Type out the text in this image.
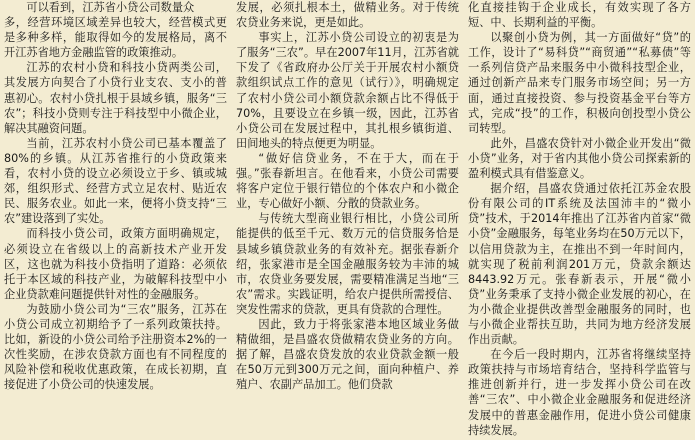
可以看到，江苏省小贷公司数量众

多，经营环境区域差异也较大，经营模式更是多种多样，能取得如今的发展格局，离不开江苏省地方金融监管的政策推动。

江苏的农村小贷和科技小贷两类公司，其发展方向契合了小贷行业支农、支小的普惠初心。农村小贷扎根于县域乡镇，服务“三农”；科技小贷则专注于科技型中小微企业，解决其融资问题。

当前，江苏农村小贷公司已基本覆盖了80%的乡镇。从江苏省推行的小贷政策来看，农村小贷的设立必须设立于乡、镇或城郊，组织形式、经营方式立足农村、贴近农民、服务农业。如此一来，便将小贷支持“三农”建设落到了实处。

而科技小贷公司，政策方面明确规定，必须设立在省级以上的高新技术产业开发区，这也就为科技小贷指明了道路：必须依托于本区域的科技产业，为破解科技型中小企业贷款难问题提供针对性的金融服务。

为鼓励小贷公司为“三农”服务，江苏在小贷公司成立初期给予了一系列政策扶持。比如，新设的小贷公司给予注册资本2%的一次性奖励，在涉农贷款方面也有不同程度的风险补偿和税收优惠政策，在成长初期，直接促进了小贷公司的快速发展。

发展，必须扎根本土，做精业务。对于传统农贷业务来说，更是如此。

事实上，江苏小贷公司设立的初衷是为了服务“三农”。早在2007年11月，江苏省就下发了《省政府办公厅关于开展农村小额贷款组织试点工作的意见（试行）》，明确规定了农村小贷公司小额贷款余额占比不得低于70%，且要设立在乡镇一级，因此，江苏省小贷公司在发展过程中，其扎根乡镇街道、田间地头的特点便更为明显。

“做好信贷业务，不在于大，而在于强。”张春新坦言。在他看来，小贷公司需要将客户定位于银行错位的个体农户和小微企业，专心做好小额、分散的贷款业务。

与传统大型商业银行相比，小贷公司所能提供的低至千元、数万元的信贷服务恰是县域乡镇贷款业务的有效补充。据张春新介绍，张家港市是全国金融服务较为丰沛的城市，农贷业务要发展，需要精准满足当地“三农”需求。实践证明，给农户提供所需授信、突发性需求的贷款，更具有贷款的合理性。

因此，致力于将张家港本地区域业务做精做细，是昌盛农贷做精农贷业务的方向。据了解，昌盛农贷发放的农业贷款金额一般在50万元到300万元之间，面向种植户、养殖户、农副产品加工。他们贷款

化直接挂钩于企业成长，有效实现了各方短、中、长期利益的平衡。

以聚创小贷为例，其一方面做好“贷”的工作，设计了“易科贷”“商贸通”“私募债”等一系列信贷产品来服务中小微科技型企业，通过创新产品来专门服务市场空间；另一方面，通过直接投资、参与投资基金平台等方式，完成“投”的工作，积极向创投型小贷公司转型。

此外，昌盛农贷针对小微企业开发出“微小贷”业务，对于省内其他小贷公司探索新的盈利模式具有借鉴意义。

据介绍，昌盛农贷通过依托江苏金农股份有限公司的IT系统及法国沛丰的“微小贷”技术，于2014年推出了江苏省内首家“微小贷”金融服务，每笔业务均在50万元以下，以信用贷款为主，在推出不到一年时间内，就实现了税前利润201万元，贷款余额达8443.92万元。张春新表示，开展“微小贷”业务秉承了支持小微企业发展的初心，在为小微企业提供改善型金融服务的同时，也与小微企业帮扶互助，共同为地方经济发展作出贡献。

在今后一段时期内，江苏省将继续坚持政策扶持与市场培育结合，坚持科学监管与推进创新并行，进一步发挥小贷公司在改善“三农”、中小微企业金融服务和促进经济发展中的普惠金融作用，促进小贷公司健康持续发展。
